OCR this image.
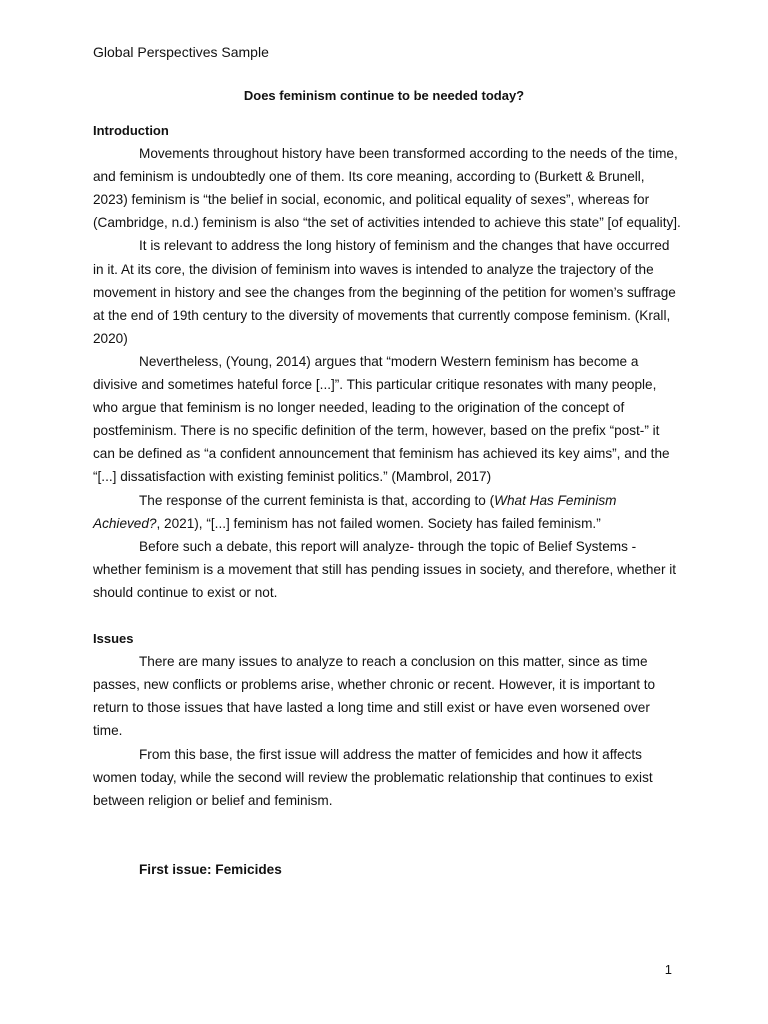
Global Perspectives Sample
Does feminism continue to be needed today?

Introduction

Movements throughout history have been transformed according to the needs of the time, and feminism is undoubtedly one of them. Its core meaning, according to (Burkett & Brunell, 2023) feminism is “the belief in social, economic, and political equality of sexes”, whereas for (Cambridge, n.d.) feminism is also “the set of activities intended to achieve this state” [of equality].

It is relevant to address the long history of feminism and the changes that have occurred in it. At its core, the division of feminism into waves is intended to analyze the trajectory of the movement in history and see the changes from the beginning of the petition for women’s suffrage at the end of 19th century to the diversity of movements that currently compose feminism. (Krall, 2020)

Nevertheless, (Young, 2014) argues that “modern Western feminism has become a divisive and sometimes hateful force [...]”. This particular critique resonates with many people, who argue that feminism is no longer needed, leading to the origination of the concept of postfeminism. There is no specific definition of the term, however, based on the prefix “post-” it can be defined as “a confident announcement that feminism has achieved its key aims”, and the “[...] dissatisfaction with existing feminist politics.” (Mambrol, 2017)

The response of the current feminista is that, according to (What Has Feminism Achieved?, 2021), “[...] feminism has not failed women. Society has failed feminism.”

Before such a debate, this report will analyze- through the topic of Belief Systems -whether feminism is a movement that still has pending issues in society, and therefore, whether it should continue to exist or not.

Issues

There are many issues to analyze to reach a conclusion on this matter, since as time passes, new conflicts or problems arise, whether chronic or recent. However, it is important to return to those issues that have lasted a long time and still exist or have even worsened over time.

From this base, the first issue will address the matter of femicides and how it affects women today, while the second will review the problematic relationship that continues to exist between religion or belief and feminism.

First issue: Femicides

1
